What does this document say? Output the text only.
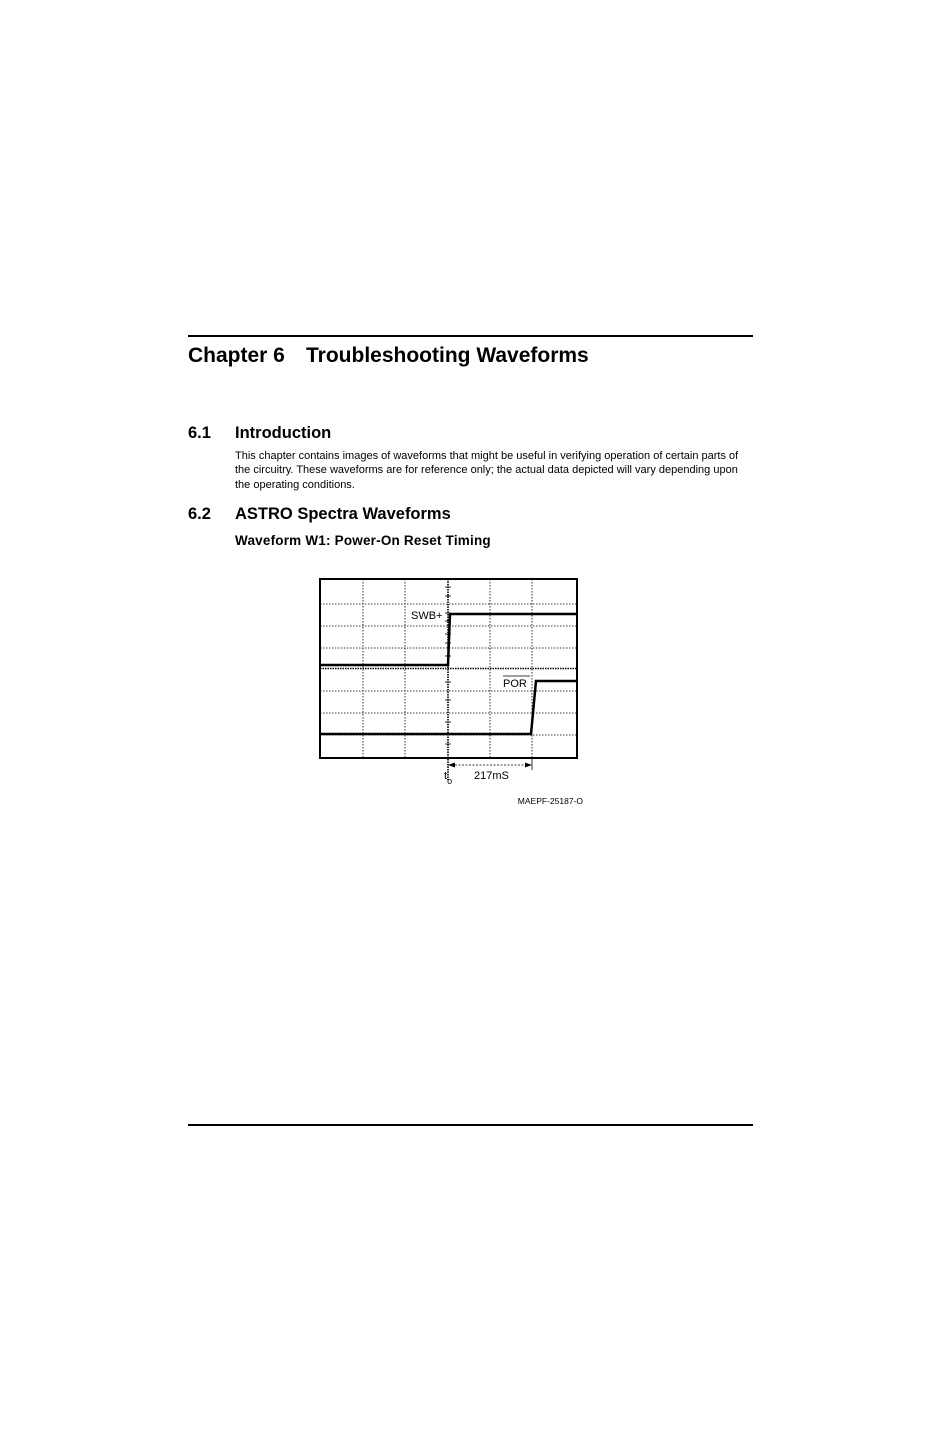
Chapter 6 Troubleshooting Waveforms
6.1 Introduction
This chapter contains images of waveforms that might be useful in verifying operation of certain parts of the circuitry. These waveforms are for reference only; the actual data depicted will vary depending upon the operating conditions.
6.2 ASTRO Spectra Waveforms
Waveform W1: Power-On Reset Timing
SWB+
POR
$t_o$ 217mS
MAEPF-25187-O
